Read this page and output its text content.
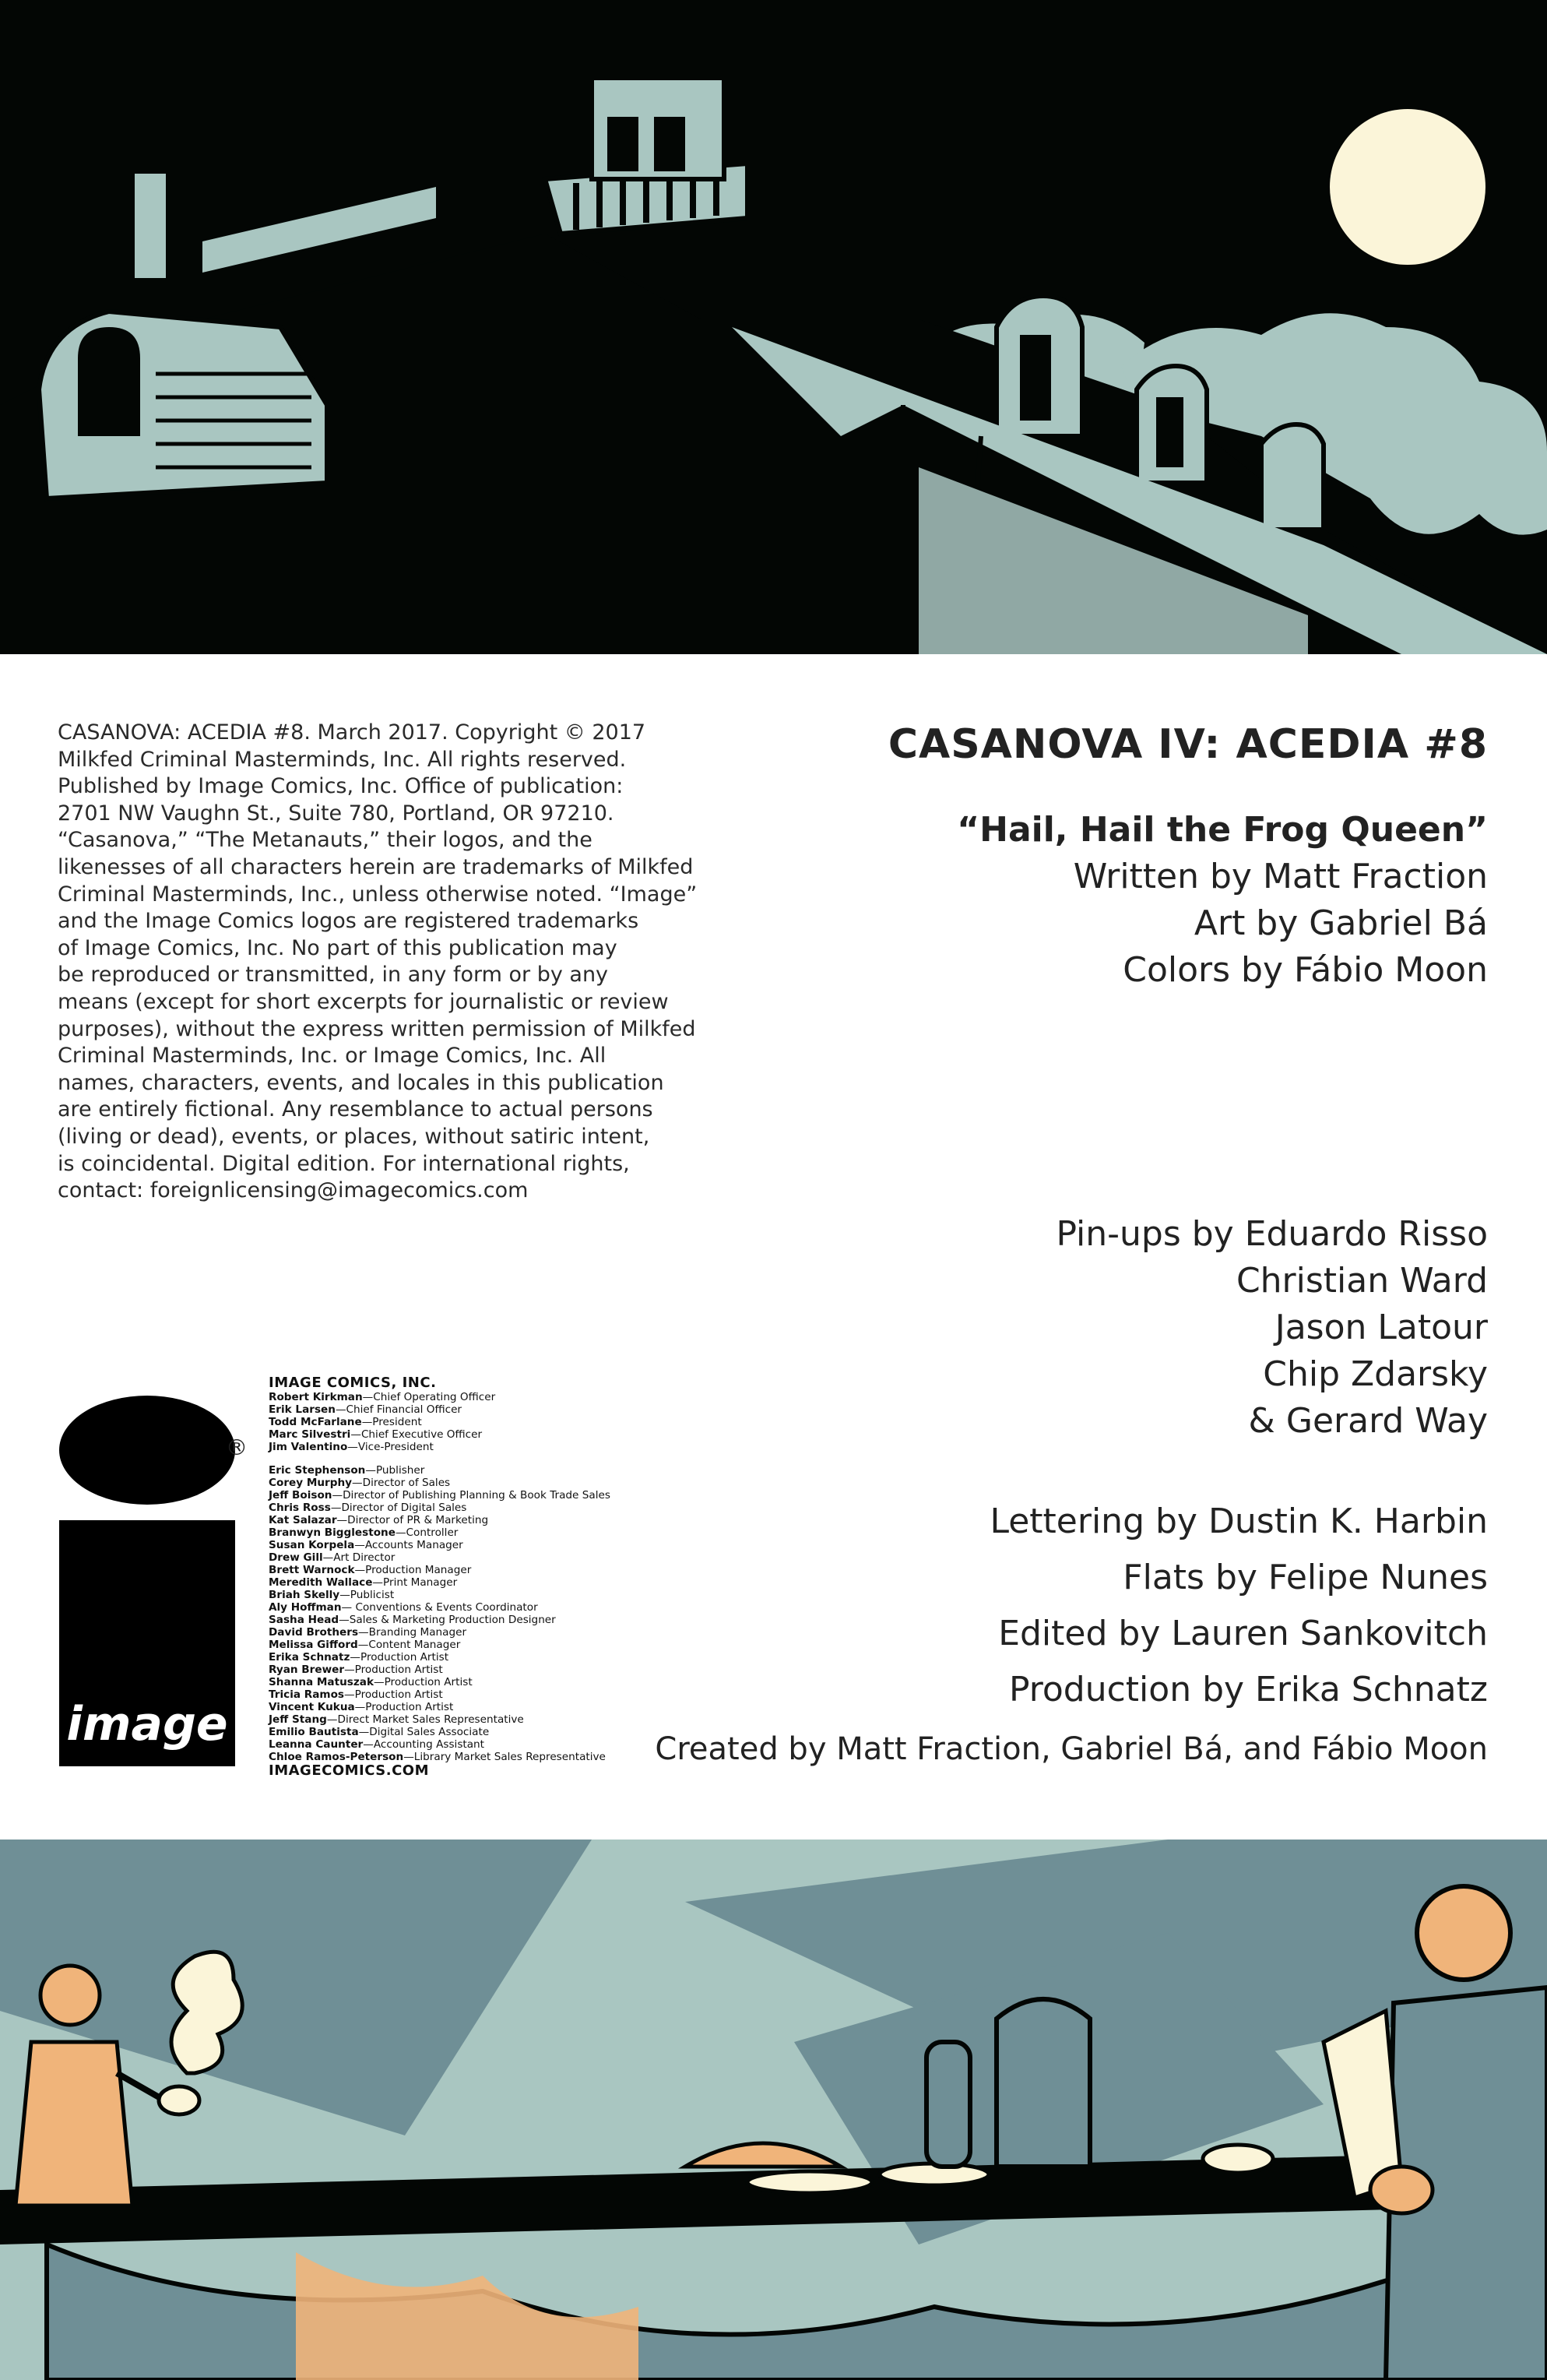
CASANOVA: ACEDIA #8. March 2017. Copyright © 2017
Milkfed Criminal Masterminds, Inc. All rights reserved.
Published by Image Comics, Inc. Office of publication:
2701 NW Vaughn St., Suite 780, Portland, OR 97210.
“Casanova,” “The Metanauts,” their logos, and the
likenesses of all characters herein are trademarks of Milkfed
Criminal Masterminds, Inc., unless otherwise noted. “Image”
and the Image Comics logos are registered trademarks
of Image Comics, Inc. No part of this publication may
be reproduced or transmitted, in any form or by any
means (except for short excerpts for journalistic or review
purposes), without the express written permission of Milkfed
Criminal Masterminds, Inc. or Image Comics, Inc. All
names, characters, events, and locales in this publication
are entirely fictional. Any resemblance to actual persons
(living or dead), events, or places, without satiric intent,
is coincidental. Digital edition. For international rights,
contact: foreignlicensing@imagecomics.com

CASANOVA IV: ACEDIA #8
“Hail, Hail the Frog Queen”
Written by Matt Fraction
Art by Gabriel Bá
Colors by Fábio Moon
Pin-ups by Eduardo Risso
Christian Ward
Jason Latour
Chip Zdarsky
& Gerard Way
Lettering by Dustin K. Harbin
Flats by Felipe Nunes
Edited by Lauren Sankovitch
Production by Erika Schnatz
Created by Matt Fraction, Gabriel Bá, and Fábio Moon
image
®
IMAGE COMICS, INC.
Robert Kirkman—Chief Operating Officer
Erik Larsen—Chief Financial Officer
Todd McFarlane—President
Marc Silvestri—Chief Executive Officer
Jim Valentino—Vice-President
Eric Stephenson—Publisher
Corey Murphy—Director of Sales
Jeff Boison—Director of Publishing Planning & Book Trade Sales
Chris Ross—Director of Digital Sales
Kat Salazar—Director of PR & Marketing
Branwyn Bigglestone—Controller
Susan Korpela—Accounts Manager
Drew Gill—Art Director
Brett Warnock—Production Manager
Meredith Wallace—Print Manager
Briah Skelly—Publicist
Aly Hoffman— Conventions & Events Coordinator
Sasha Head—Sales & Marketing Production Designer
David Brothers—Branding Manager
Melissa Gifford—Content Manager
Erika Schnatz—Production Artist
Ryan Brewer—Production Artist
Shanna Matuszak—Production Artist
Tricia Ramos—Production Artist
Vincent Kukua—Production Artist
Jeff Stang—Direct Market Sales Representative
Emilio Bautista—Digital Sales Associate
Leanna Caunter—Accounting Assistant
Chloe Ramos-Peterson—Library Market Sales Representative
IMAGECOMICS.COM
